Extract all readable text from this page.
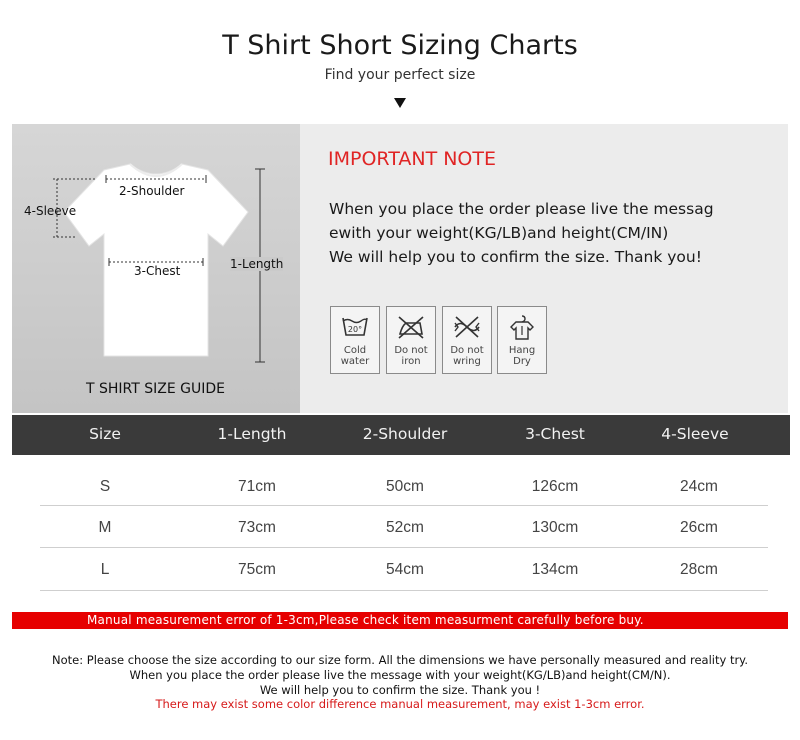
T Shirt Short Sizing Charts
Find your perfect size
2-Shoulder
4-Sleeve
3-Chest	1-Length
T SHIRT SIZE GUIDE
IMPORTANT NOTE
When you place the order please live the messag
ewith your weight(KG/LB)and height(CM/IN)
We will help you to confirm the size. Thank you!
20°
Cold
water
Do not
iron
Do not
wring
Hang
Dry
Size	1-Length	2-Shoulder	3-Chest	4-Sleeve
S	71cm	50cm	126cm	24cm
M	73cm	52cm	130cm	26cm
L	75cm	54cm	134cm	28cm
Manual measurement error of 1-3cm,Please check item measurment carefully before buy.
Note: Please choose the size according to our size form. All the dimensions we have personally measured and reality try.
When you place the order please live the message with your weight(KG/LB)and height(CM/N).
We will help you to confirm the size. Thank you !
There may exist some color difference manual measurement, may exist 1-3cm error.
